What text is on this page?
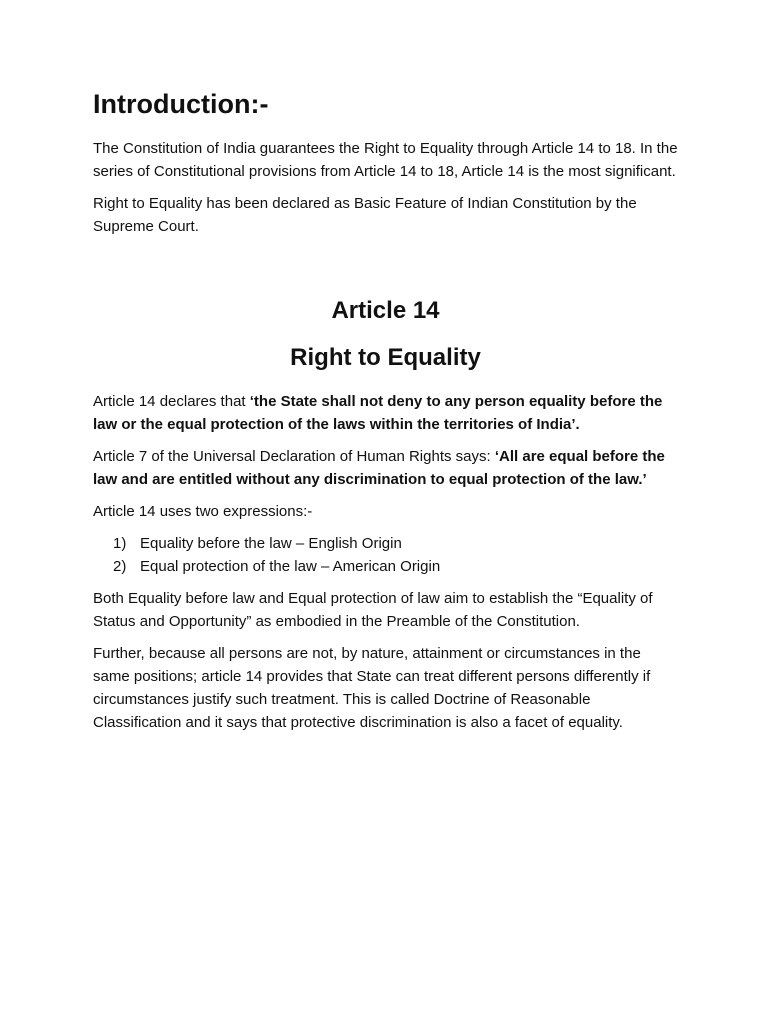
Introduction:-

The Constitution of India guarantees the Right to Equality through Article 14 to 18. In the series of Constitutional provisions from Article 14 to 18, Article 14 is the most significant.

Right to Equality has been declared as Basic Feature of Indian Constitution by the Supreme Court.

Article 14
Right to Equality

Article 14 declares that ‘the State shall not deny to any person equality before the law or the equal protection of the laws within the territories of India’.

Article 7 of the Universal Declaration of Human Rights says: ‘All are equal before the law and are entitled without any discrimination to equal protection of the law.’

Article 14 uses two expressions:-

1) Equality before the law – English Origin
2) Equal protection of the law – American Origin

Both Equality before law and Equal protection of law aim to establish the “Equality of Status and Opportunity” as embodied in the Preamble of the Constitution.

Further, because all persons are not, by nature, attainment or circumstances in the same positions; article 14 provides that State can treat different persons differently if circumstances justify such treatment. This is called Doctrine of Reasonable Classification and it says that protective discrimination is also a facet of equality.
